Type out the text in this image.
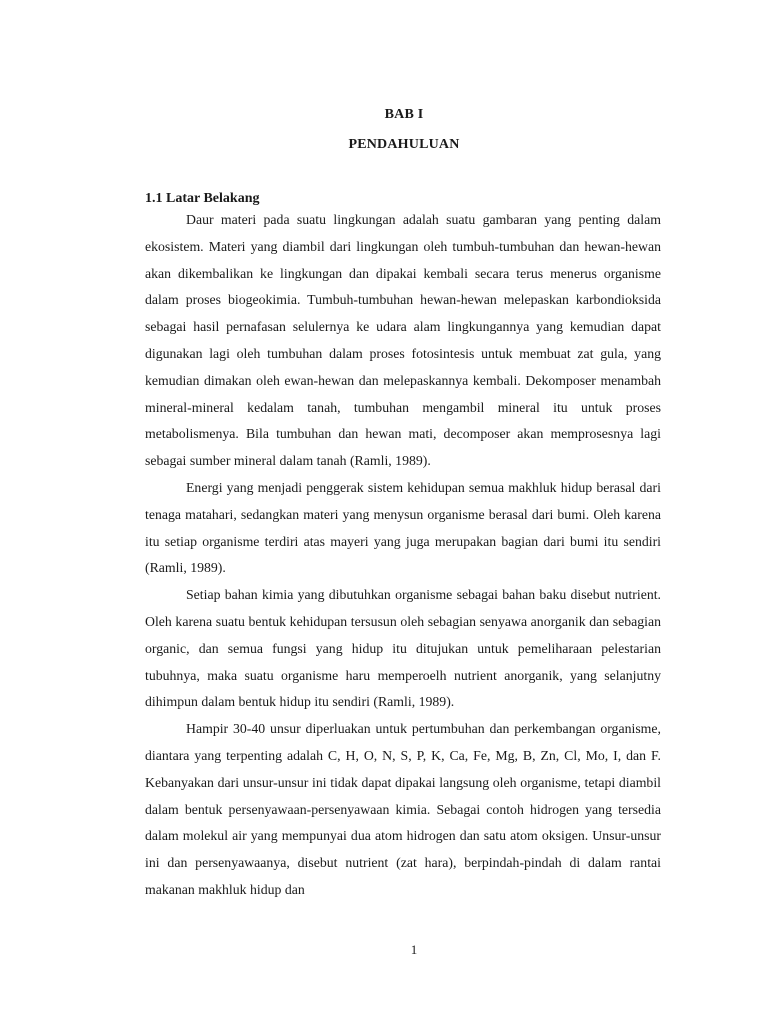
BAB I
PENDAHULUAN
1.1 Latar Belakang

Daur materi pada suatu lingkungan adalah suatu gambaran yang penting dalam ekosistem. Materi yang diambil dari lingkungan oleh tumbuh-tumbuhan dan hewan-hewan akan dikembalikan ke lingkungan dan dipakai kembali secara terus menerus organisme dalam proses biogeokimia. Tumbuh-tumbuhan hewan-hewan melepaskan karbondioksida sebagai hasil pernafasan selulernya ke udara alam lingkungannya yang kemudian dapat digunakan lagi oleh tumbuhan dalam proses fotosintesis untuk membuat zat gula, yang kemudian dimakan oleh ewan-hewan dan melepaskannya kembali. Dekomposer menambah mineral-mineral kedalam tanah, tumbuhan mengambil mineral itu untuk proses metabolismenya. Bila tumbuhan dan hewan mati, decomposer akan memprosesnya lagi sebagai sumber mineral dalam tanah (Ramli, 1989).

Energi yang menjadi penggerak sistem kehidupan semua makhluk hidup berasal dari tenaga matahari, sedangkan materi yang menysun organisme berasal dari bumi. Oleh karena itu setiap organisme terdiri atas mayeri yang juga merupakan bagian dari bumi itu sendiri (Ramli, 1989).

Setiap bahan kimia yang dibutuhkan organisme sebagai bahan baku disebut nutrient. Oleh karena suatu bentuk kehidupan tersusun oleh sebagian senyawa anorganik dan sebagian organic, dan semua fungsi yang hidup itu ditujukan untuk pemeliharaan pelestarian tubuhnya, maka suatu organisme haru memperoelh nutrient anorganik, yang selanjutny dihimpun dalam bentuk hidup itu sendiri (Ramli, 1989).

Hampir 30-40 unsur diperluakan untuk pertumbuhan dan perkembangan organisme, diantara yang terpenting adalah C, H, O, N, S, P, K, Ca, Fe, Mg, B, Zn, Cl, Mo, I, dan F. Kebanyakan dari unsur-unsur ini tidak dapat dipakai langsung oleh organisme, tetapi diambil dalam bentuk persenyawaan-persenyawaan kimia. Sebagai contoh hidrogen yang tersedia dalam molekul air yang mempunyai dua atom hidrogen dan satu atom oksigen. Unsur-unsur ini dan persenyawaanya, disebut nutrient (zat hara), berpindah-pindah di dalam rantai makanan makhluk hidup dan

1
